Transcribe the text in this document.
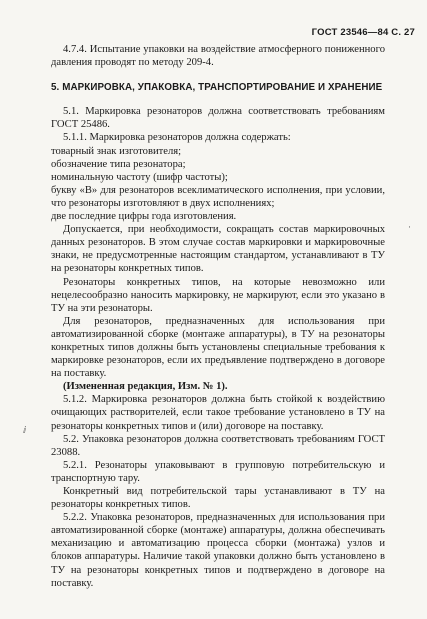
ГОСТ 23546—84 С. 27

4.7.4. Испытание упаковки на воздействие атмосферного пониженного давления проводят по методу 209-4.

5. МАРКИРОВКА, УПАКОВКА, ТРАНСПОРТИРОВАНИЕ И ХРАНЕНИЕ

5.1. Маркировка резонаторов должна соответствовать требованиям ГОСТ 25486.

5.1.1. Маркировка резонаторов должна содержать:

товарный знак изготовителя;

обозначение типа резонатора;

номинальную частоту (шифр частоты);

букву «В» для резонаторов всеклиматического исполнения, при условии, что резонаторы изготовляют в двух исполнениях;

две последние цифры года изготовления.

Допускается, при необходимости, сокращать состав маркировочных данных резонаторов. В этом случае состав маркировки и маркировочные знаки, не предусмотренные настоящим стандартом, устанавливают в ТУ на резонаторы конкретных типов.

Резонаторы конкретных типов, на которые невозможно или нецелесообразно наносить маркировку, не маркируют, если это указано в ТУ на эти резонаторы.

Для резонаторов, предназначенных для использования при автоматизированной сборке (монтаже аппаратуры), в ТУ на резонаторы конкретных типов должны быть установлены специальные требования к маркировке резонаторов, если их предъявление подтверждено в договоре на поставку.

(Измененная редакция, Изм. № 1).

5.1.2. Маркировка резонаторов должна быть стойкой к воздействию очищающих растворителей, если такое требование установлено в ТУ на резонаторы конкретных типов и (или) договоре на поставку.

5.2. Упаковка резонаторов должна соответствовать требованиям ГОСТ 23088.

5.2.1. Резонаторы упаковывают в групповую потребительскую и транспортную тару.

Конкретный вид потребительской тары устанавливают в ТУ на резонаторы конкретных типов.

5.2.2. Упаковка резонаторов, предназначенных для использования при автоматизированной сборке (монтаже) аппаратуры, должна обеспечивать механизацию и автоматизацию процесса сборки (монтажа) узлов и блоков аппаратуры. Наличие такой упаковки должно быть установлено в ТУ на резонаторы конкретных типов и подтверждено в договоре на поставку.

ⅈ
·
